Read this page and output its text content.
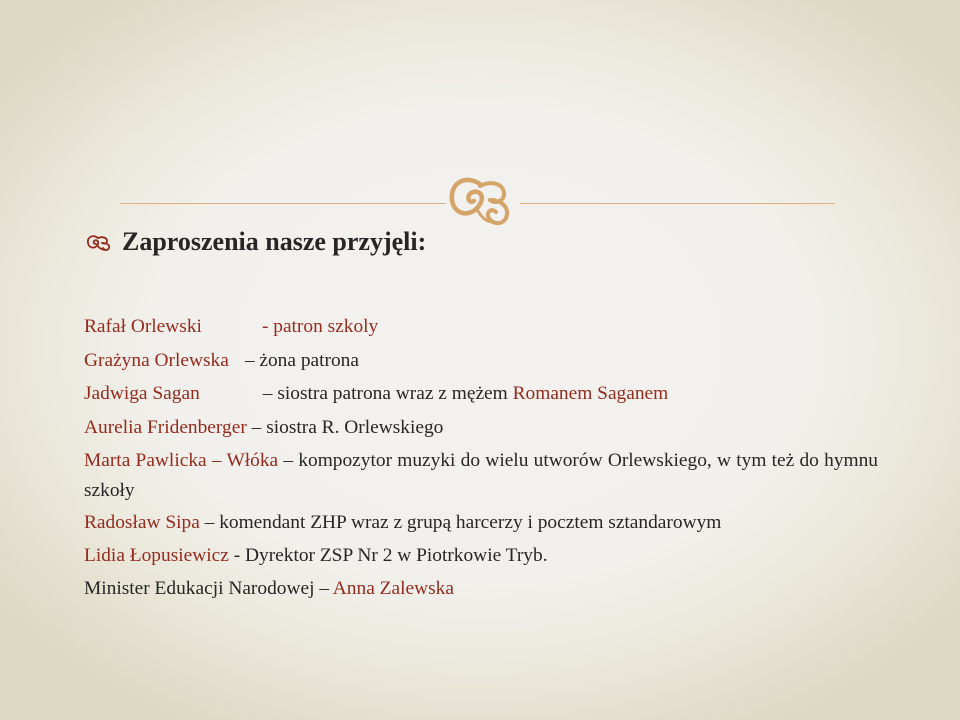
Zaproszenia nasze przyjęli:
Rafał Orlewski	- patron szkoly
Grażyna Orlewska – żona patrona
Jadwiga Sagan	– siostra patrona wraz z mężem Romanem Saganem
Aurelia Fridenberger – siostra R. Orlewskiego
Marta Pawlicka – Włóka – kompozytor muzyki do wielu utworów Orlewskiego, w tym też do hymnu szkoły
Radosław Sipa – komendant ZHP wraz z grupą harcerzy i pocztem sztandarowym
Lidia Łopusiewicz - Dyrektor ZSP Nr 2 w Piotrkowie Tryb.
Minister Edukacji Narodowej – Anna Zalewska
